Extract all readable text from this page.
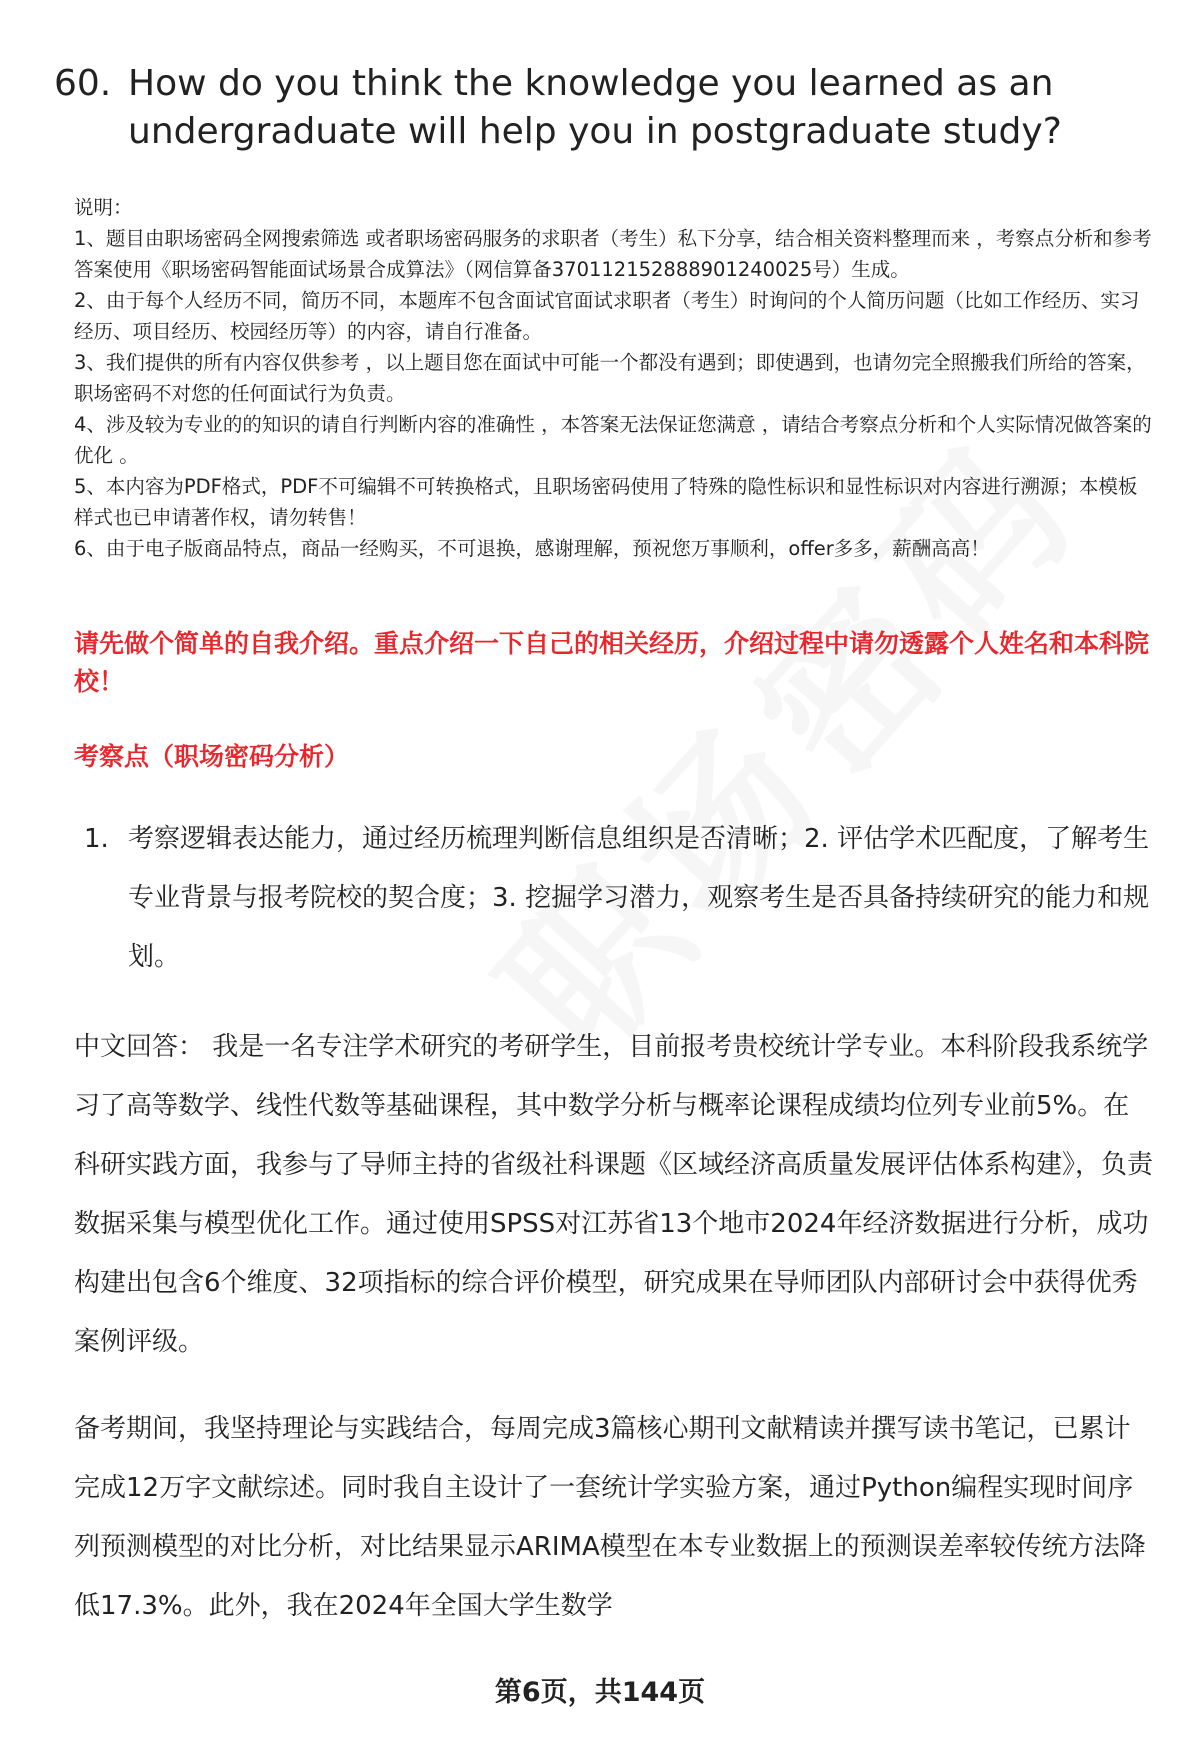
60. How do you think the knowledge you learned as an undergraduate will help you in postgraduate study?

说明：

1、题目由职场密码全网搜索筛选 或者职场密码服务的求职者（考生）私下分享，结合相关资料整理而来 ，考察点分析和参考答案使用《职场密码智能面试场景合成算法》（网信算备370112152888901240025号）生成。

2、由于每个人经历不同，简历不同，本题库不包含面试官面试求职者（考生）时询问的个人简历问题（比如工作经历、实习经历、项目经历、校园经历等）的内容，请自行准备。

3、我们提供的所有内容仅供参考 ，以上题目您在面试中可能一个都没有遇到；即使遇到，也请勿完全照搬我们所给的答案，职场密码不对您的任何面试行为负责。

4、涉及较为专业的的知识的请自行判断内容的准确性 ，本答案无法保证您满意 ，请结合考察点分析和个人实际情况做答案的优化 。

5、本内容为PDF格式，PDF不可编辑不可转换格式，且职场密码使用了特殊的隐性标识和显性标识对内容进行溯源；本模板样式也已申请著作权，请勿转售！

6、由于电子版商品特点，商品一经购买，不可退换，感谢理解，预祝您万事顺利，offer多多，薪酬高高！

请先做个简单的自我介绍。重点介绍一下自己的相关经历，介绍过程中请勿透露个人姓名和本科院校！
考察点（职场密码分析）
1. 考察逻辑表达能力，通过经历梳理判断信息组织是否清晰；2. 评估学术匹配度，了解考生专业背景与报考院校的契合度；3. 挖掘学习潜力，观察考生是否具备持续研究的能力和规划。

中文回答： 我是一名专注学术研究的考研学生，目前报考贵校统计学专业。本科阶段我系统学习了高等数学、线性代数等基础课程，其中数学分析与概率论课程成绩均位列专业前5%。在科研实践方面，我参与了导师主持的省级社科课题《区域经济高质量发展评估体系构建》，负责数据采集与模型优化工作。通过使用SPSS对江苏省13个地市2024年经济数据进行分析，成功构建出包含6个维度、32项指标的综合评价模型，研究成果在导师团队内部研讨会中获得优秀案例评级。

备考期间，我坚持理论与实践结合，每周完成3篇核心期刊文献精读并撰写读书笔记，已累计完成12万字文献综述。同时我自主设计了一套统计学实验方案，通过Python编程实现时间序列预测模型的对比分析，对比结果显示ARIMA模型在本专业数据上的预测误差率较传统方法降低17.3%。此外，我在2024年全国大学生数学

第6页，共144页
